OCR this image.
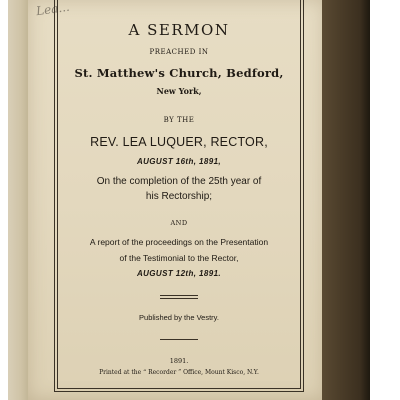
Lea...
A SERMON
PREACHED IN
St. Matthew's Church, Bedford,
New York,
BY THE
REV. LEA LUQUER, RECTOR,
AUGUST 16th, 1891,
On the completion of the 25th year of
his Rectorship;
AND
A report of the proceedings on the Presentation
of the Testimonial to the Rector,
AUGUST 12th, 1891.
Published by the Vestry.
1891.
Printed at the “ Recorder ” Office, Mount Kisco, N.Y.
